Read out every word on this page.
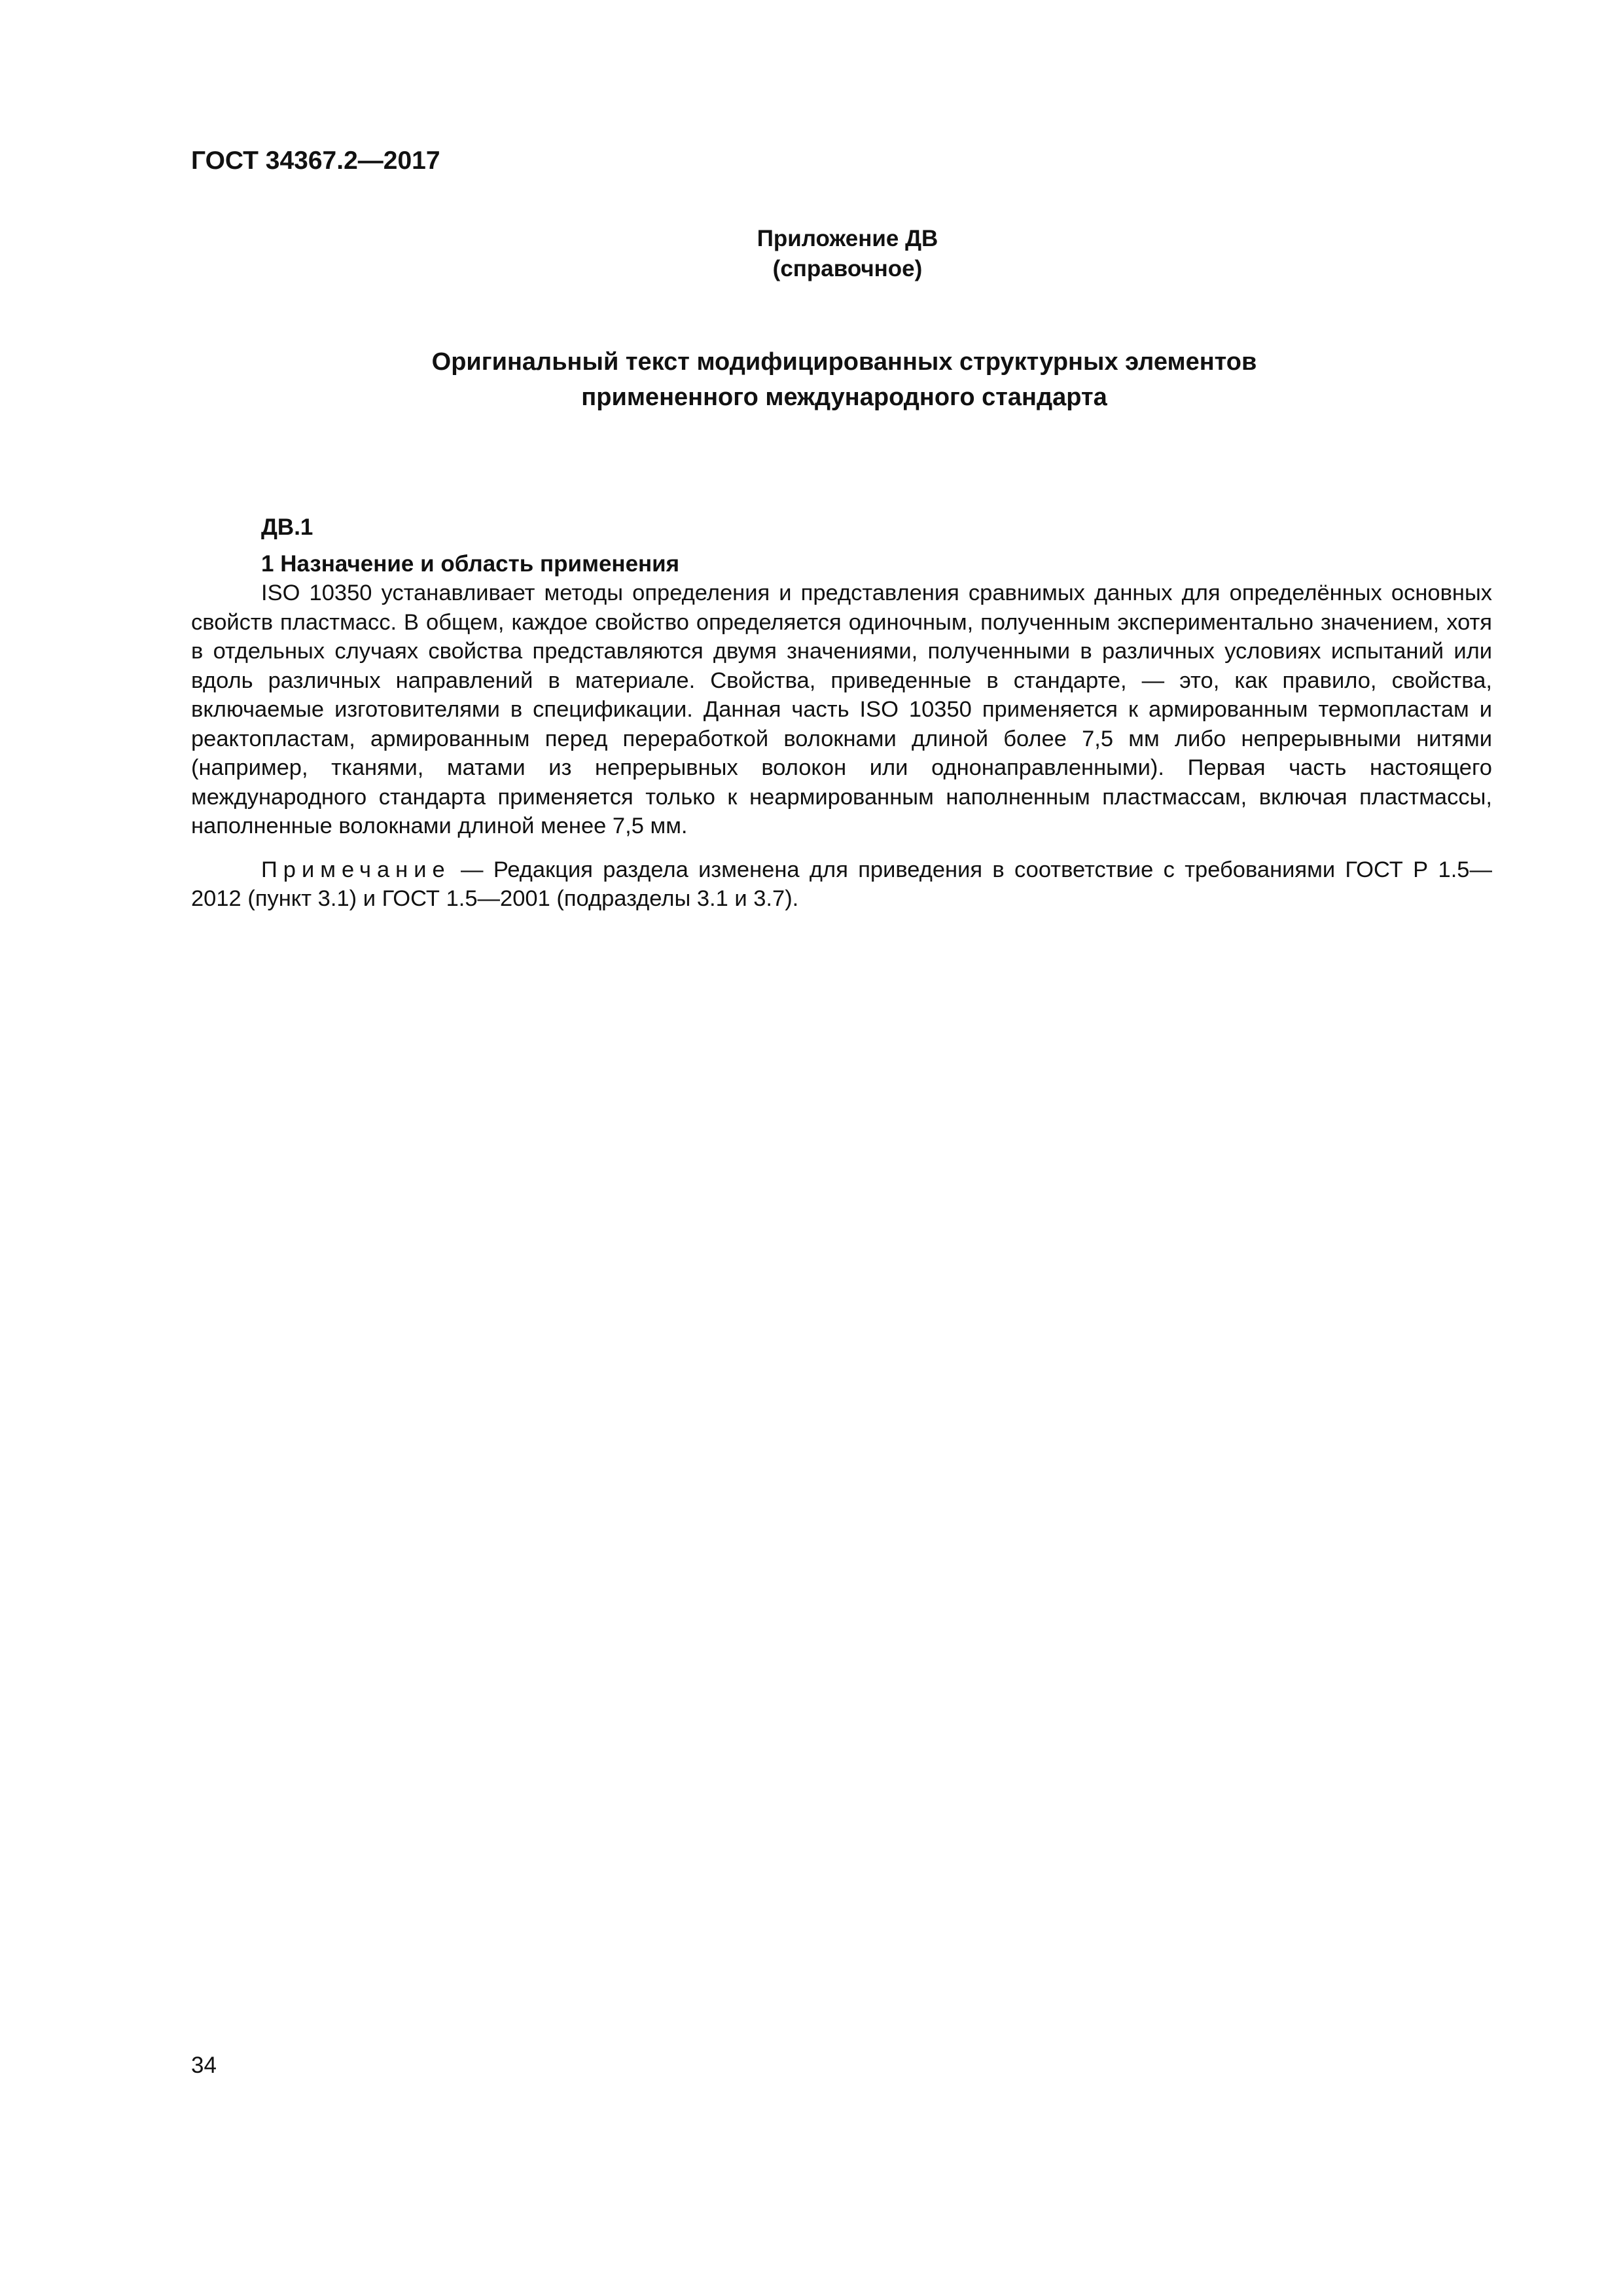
ГОСТ 34367.2—2017
Приложение ДВ
(справочное)
Оригинальный текст модифицированных структурных элементов
примененного международного стандарта
ДВ.1

1 Назначение и область применения

ISO 10350 устанавливает методы определения и представления сравнимых данных для определённых основных свойств пластмасс. В общем, каждое свойство определяется одиночным, полученным экспериментально значением, хотя в отдельных случаях свойства представляются двумя значениями, полученными в различных условиях испытаний или вдоль различных направлений в материале. Свойства, приведенные в стандарте, — это, как правило, свойства, включаемые изготовителями в спецификации. Данная часть ISO 10350 применяется к армированным термопластам и реактопластам, армированным перед переработкой волокнами длиной более 7,5 мм либо непрерывными нитями (например, тканями, матами из непрерывных волокон или однонаправленными). Первая часть настоящего международного стандарта применяется только к неармированным наполненным пластмассам, включая пластмассы, наполненные волокнами длиной менее 7,5 мм.

Примечание — Редакция раздела изменена для приведения в соответствие с требованиями ГОСТ Р 1.5—2012 (пункт 3.1) и ГОСТ 1.5—2001 (подразделы 3.1 и 3.7).

34
